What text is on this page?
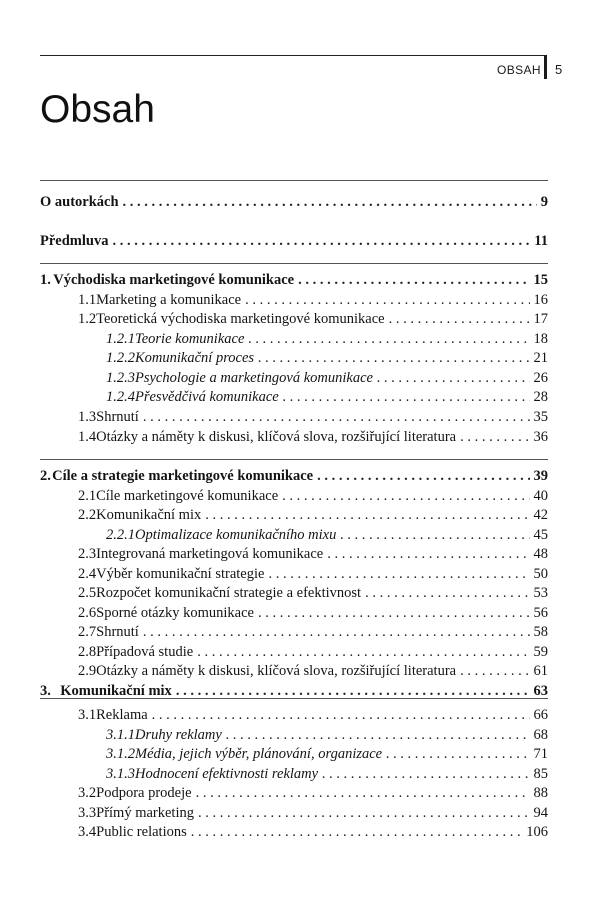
OBSAH 5
Obsah
O autorkách . . .	9
Předmluva . . .	11
1. Východiska marketingové komunikace . . .	15
1.1 Marketing a komunikace . . .	16
1.2 Teoretická východiska marketingové komunikace . . .	17
1.2.1 Teorie komunikace . . .	18
1.2.2 Komunikační proces . . .	21
1.2.3 Psychologie a marketingová komunikace . . .	26
1.2.4 Přesvědčivá komunikace . . .	28
1.3 Shrnutí . . .	35
1.4 Otázky a náměty k diskusi, klíčová slova, rozšiřující literatura . . .	36
2. Cíle a strategie marketingové komunikace . . .	39
2.1 Cíle marketingové komunikace . . .	40
2.2 Komunikační mix . . .	42
2.2.1 Optimalizace komunikačního mixu . . .	45
2.3 Integrovaná marketingová komunikace . . .	48
2.4 Výběr komunikační strategie . . .	50
2.5 Rozpočet komunikační strategie a efektivnost . . .	53
2.6 Sporné otázky komunikace . . .	56
2.7 Shrnutí . . .	58
2.8 Případová studie . . .	59
2.9 Otázky a náměty k diskusi, klíčová slova, rozšiřující literatura . . .	61
3. Komunikační mix . . .	63
3.1 Reklama . . .	66
3.1.1 Druhy reklamy . . .	68
3.1.2 Média, jejich výběr, plánování, organizace . . .	71
3.1.3 Hodnocení efektivnosti reklamy . . .	85
3.2 Podpora prodeje . . .	88
3.3 Přímý marketing . . .	94
3.4 Public relations . . .	106
